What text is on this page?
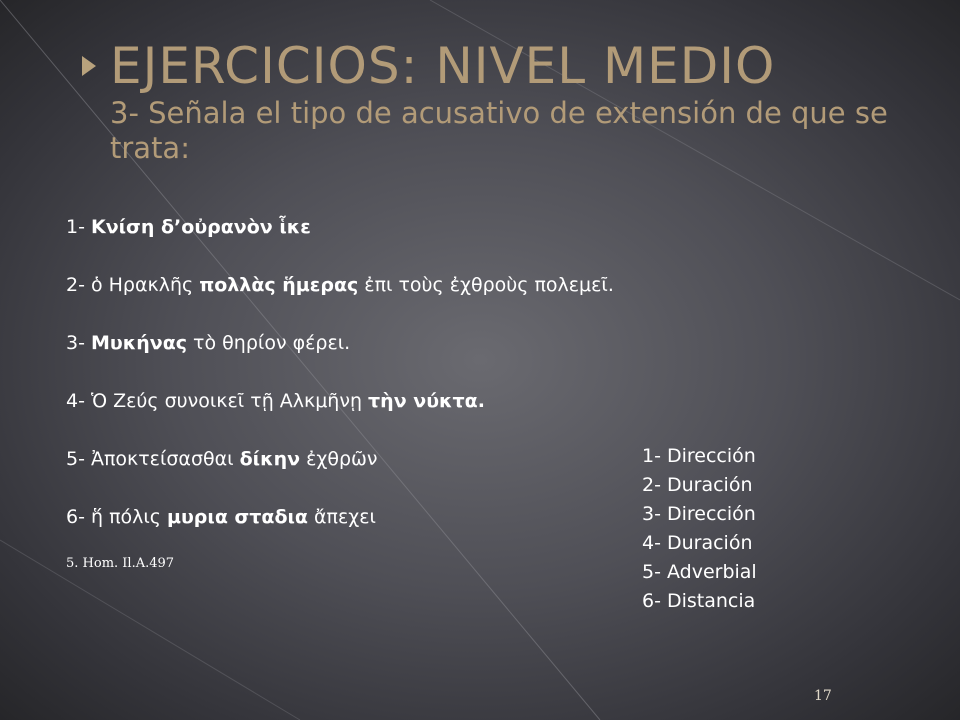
EJERCICIOS: NIVEL MEDIO

3- Señala el tipo de acusativo de extensión de que se trata:

1- Κνίση δ’οὐρανὸν ἷκε
2- ὁ Ηρακλῆς πολλὰς ἥμερας ἐπι τοὺς ἐχθροὺς πολεμεῖ.
3- Μυκήνας τὸ θηρίον φέρει.
4- Ὁ Ζεύς συνοικεῖ τῇ Αλκμῆνῃ τὴν νύκτα.
5- Ἀποκτείσασθαι δίκην ἐχθρῶν
6- ἥ πόλις μυρια σταδια ἄπεχει
5. Hom. Il.A.497
1- Dirección
2- Duración
3- Dirección
4- Duración
5- Adverbial
6- Distancia
17
